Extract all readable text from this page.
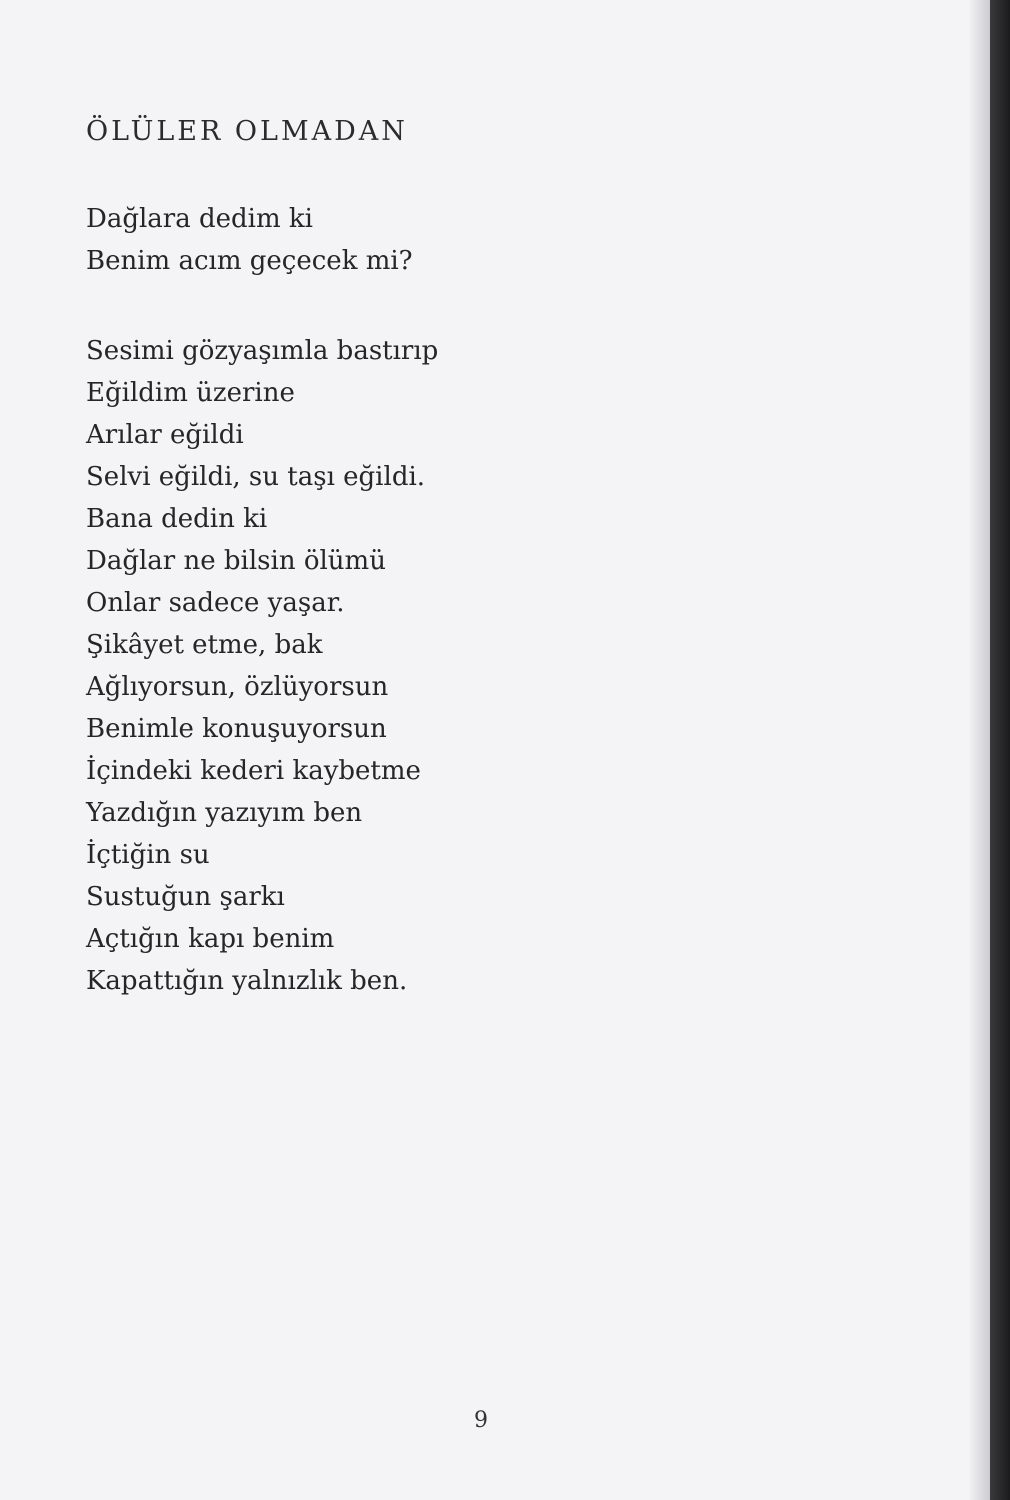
ÖLÜLER OLMADAN
Dağlara dedim ki
Benim acım geçecek mi?
Sesimi gözyaşımla bastırıp
Eğildim üzerine
Arılar eğildi
Selvi eğildi, su taşı eğildi.
Bana dedin ki
Dağlar ne bilsin ölümü
Onlar sadece yaşar.
Şikâyet etme, bak
Ağlıyorsun, özlüyorsun
Benimle konuşuyorsun
İçindeki kederi kaybetme
Yazdığın yazıyım ben
İçtiğin su
Sustuğun şarkı
Açtığın kapı benim
Kapattığın yalnızlık ben.
9
